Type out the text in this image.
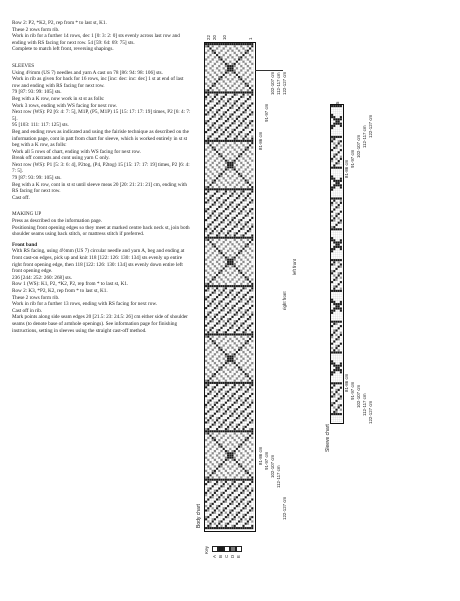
Row 2: P2, *K2, P2, rep from * to last st, K1.

These 2 rows form rib.

Work in rib for a further 14 rows, dec 1 [0: 3: 2: 0] sts evenly across last row and ending with RS facing for next row. 54 [59: 64: 69: 75] sts.

Complete to match left front, reversing shapings.

SLEEVES

Using 4½mm (US 7) needles and yarn A cast on 78 [86: 94: 98: 106] sts.

Work in rib as given for back for 16 rows, inc [inc: dec: inc: dec] 1 st at end of last row and ending with RS facing for next row.

79 [87: 93: 99: 105] sts.

Beg with a K row, now work in st st as folls:

Work 3 rows, ending with WS facing for next row.

Next row (WS): P2 [6: 4: 7: 5], M1P, (P5, M1P) 15 [15: 17: 17: 19] times, P2 [6: 4: 7: 5].

95 [103: 111: 117: 125] sts.

Beg and ending rows as indicated and using the fairisle technique as described on the information page, cont in patt from chart for sleeve, which is worked entirely in st st beg with a K row, as folls:

Work all 5 rows of chart, ending with WS facing for next row.

Break off contrasts and cont using yarn C only.

Next row (WS): P1 [5: 3: 6: 4], P2tog, (P4, P2tog) 15 [15: 17: 17: 19] times, P2 [6: 4: 7: 5].

79 [87: 93: 99: 105] sts.

Beg with a K row, cont in st st until sleeve meas 20 [20: 21: 21: 21] cm, ending with RS facing for next row.

Cast off.

MAKING UP

Press as described on the information page.

Positioning front opening edges so they meet at marked centre back neck st, join both shoulder seams using back stitch, or mattress stitch if preferred.

Front band

With RS facing, using 4½mm (US 7) circular needle and yarn A, beg and ending at front cast-on edges, pick up and knit 118 [122: 126: 130: 134] sts evenly up entire right front opening edge, then 118 [122: 126: 130: 134] sts evenly down entire left front opening edge.

236 [244: 252: 260: 268] sts.

Row 1 (WS): K1, P2, *K2, P2, rep from * to last st, K1.

Row 2: K3, *P2, K2, rep from * to last st, K1.

These 2 rows form rib.

Work in rib for a further 13 rows, ending with RS facing for next row.

Cast off in rib.

Mark points along side seam edges 20 [21.5: 23: 24.5: 26] cm either side of shoulder seams (to denote base of armhole openings). See information page for finishing instructions, setting in sleeves using the straight cast-off method.

22 20 10	1
102-107 cm 112-117 cm 122-127 cm
81-86 cm
91-97 cm
left front
right front
81-86 cm 91-97 cm 102-107 cm 112-117 cm
122-127 cm
Body chart
5
81-86 cm
91-97 cm
102-107 cm 112-117 cm 122-127 cm
81-86 cm 91-97 cm 102-107 cm 112-117 cm 122-127 cm
Sleeve chart
Key
A B C D E
